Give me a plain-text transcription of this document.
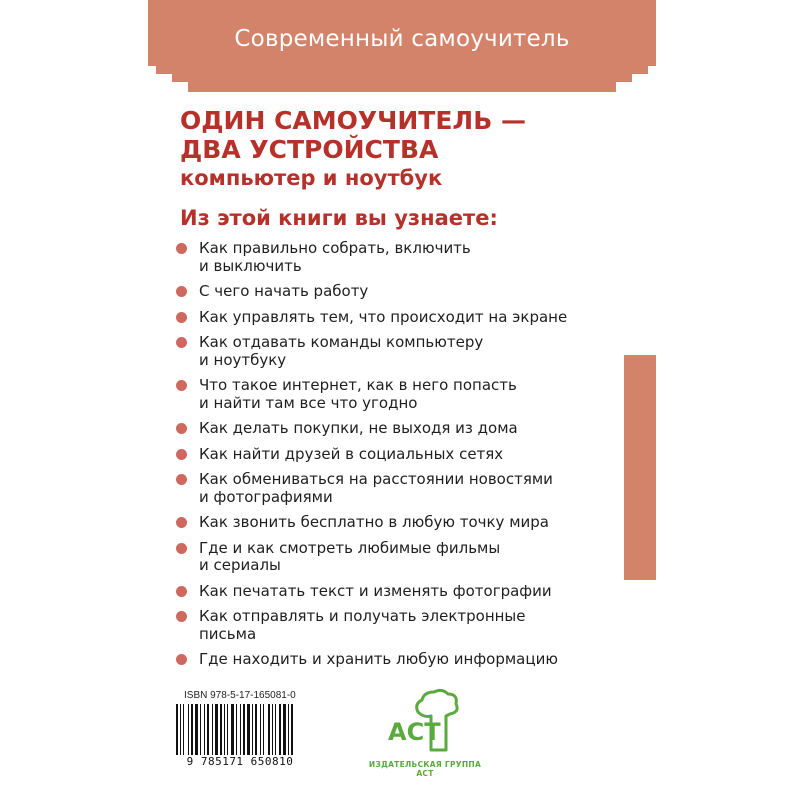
Современный самоучитель
ОДИН САМОУЧИТЕЛЬ —
ДВА УСТРОЙСТВА
компьютер и ноутбук
Из этой книги вы узнаете:
Как правильно собрать, включить
и выключить
С чего начать работу
Как управлять тем, что происходит на экране
Как отдавать команды компьютеру
и ноутбуку
Что такое интернет, как в него попасть
и найти там все что угодно
Как делать покупки, не выходя из дома
Как найти друзей в социальных сетях
Как обмениваться на расстоянии новостями
и фотографиями
Как звонить бесплатно в любую точку мира
Где и как смотреть любимые фильмы
и сериалы
Как печатать текст и изменять фотографии
Как отправлять и получать электронные
письма
Где находить и хранить любую информацию
ISBN 978-5-17-165081-0
9 785171 650810
ACT
ИЗДАТЕЛЬСКАЯ ГРУППА АСТ
